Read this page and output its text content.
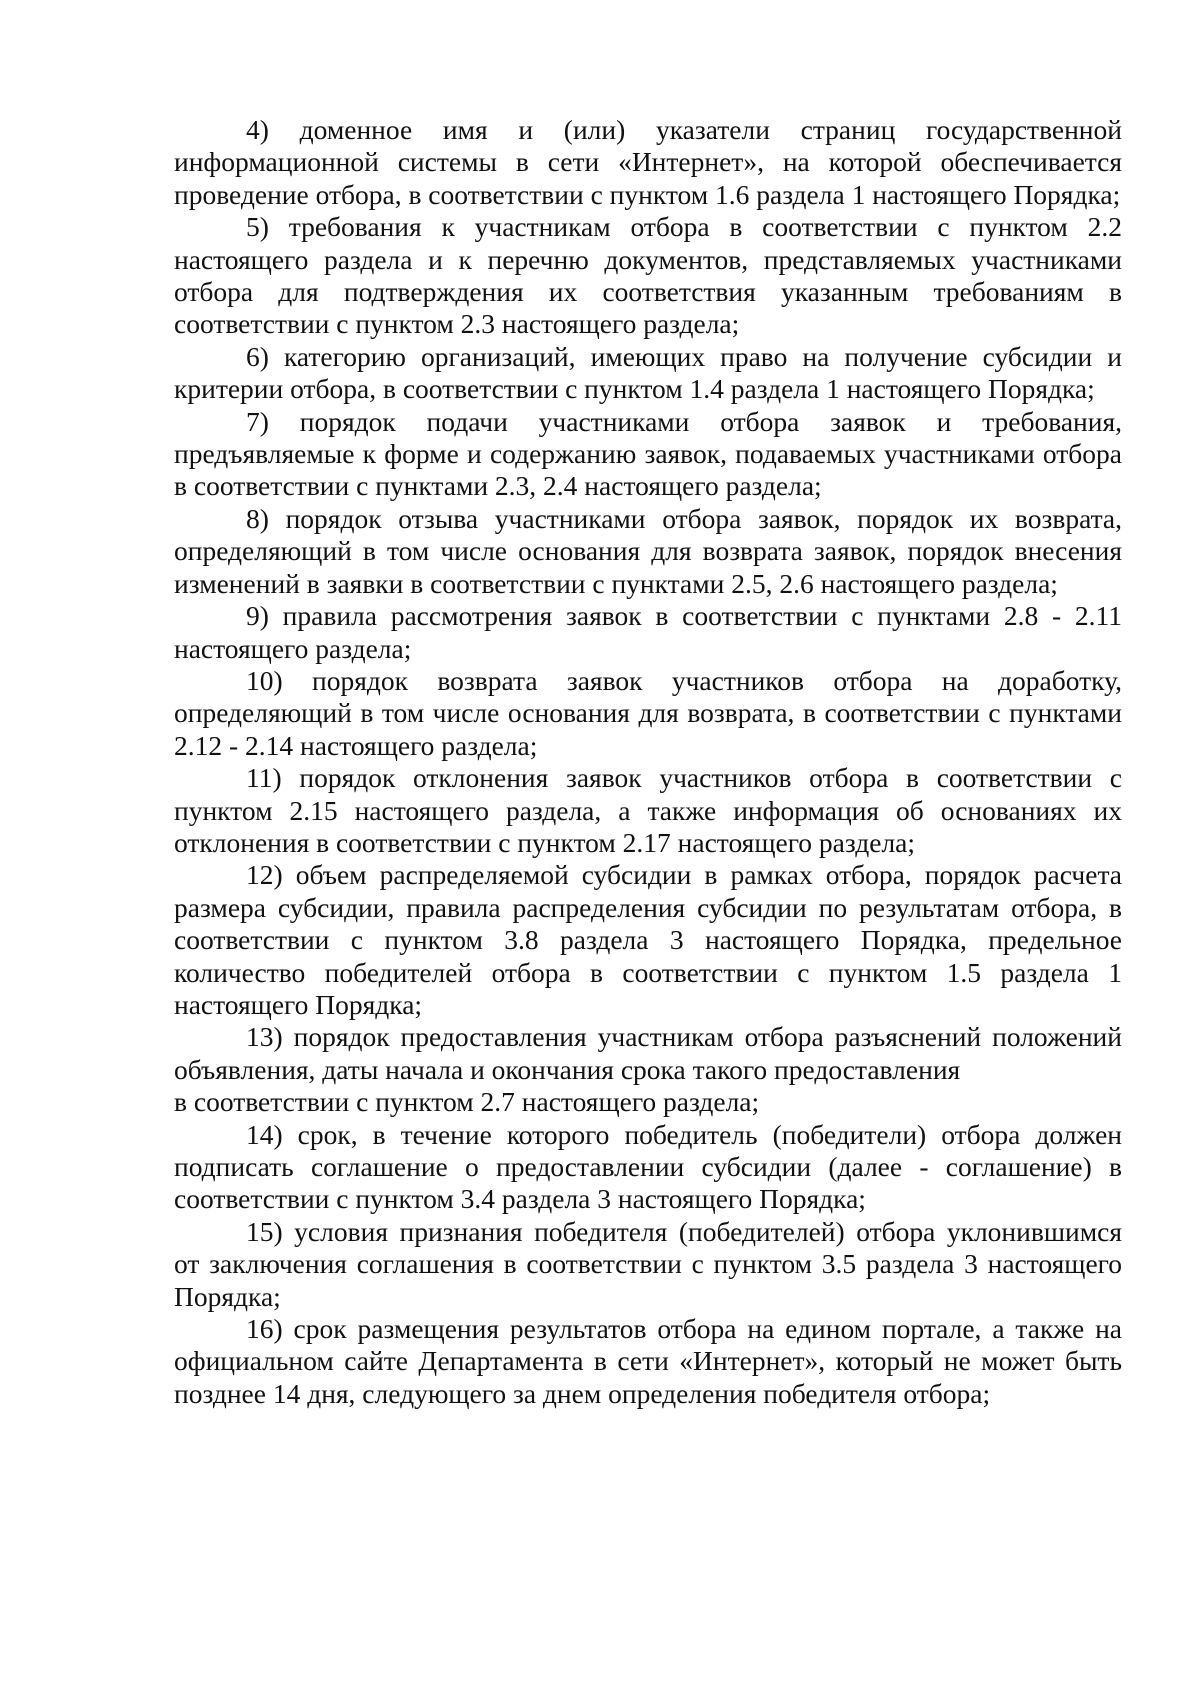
4) доменное имя и (или) указатели страниц государственной информационной системы в сети «Интернет», на которой обеспечивается проведение отбора, в соответствии с пунктом 1.6 раздела 1 настоящего Порядка;

5) требования к участникам отбора в соответствии с пунктом 2.2 настоящего раздела и к перечню документов, представляемых участниками отбора для подтверждения их соответствия указанным требованиям в соответствии с пунктом 2.3 настоящего раздела;

6) категорию организаций, имеющих право на получение субсидии и критерии отбора, в соответствии с пунктом 1.4 раздела 1 настоящего Порядка;

7) порядок подачи участниками отбора заявок и требования, предъявляемые к форме и содержанию заявок, подаваемых участниками отбора в соответствии с пунктами 2.3, 2.4 настоящего раздела;

8) порядок отзыва участниками отбора заявок, порядок их возврата, определяющий в том числе основания для возврата заявок, порядок внесения изменений в заявки в соответствии с пунктами 2.5, 2.6 настоящего раздела;

9) правила рассмотрения заявок в соответствии с пунктами 2.8 - 2.11 настоящего раздела;

10) порядок возврата заявок участников отбора на доработку, определяющий в том числе основания для возврата, в соответствии с пунктами 2.12 - 2.14 настоящего раздела;

11) порядок отклонения заявок участников отбора в соответствии с пунктом 2.15 настоящего раздела, а также информация об основаниях их отклонения в соответствии с пунктом 2.17 настоящего раздела;

12) объем распределяемой субсидии в рамках отбора, порядок расчета размера субсидии, правила распределения субсидии по результатам отбора, в соответствии с пунктом 3.8 раздела 3 настоящего Порядка, предельное количество победителей отбора в соответствии с пунктом 1.5 раздела 1 настоящего Порядка;

13) порядок предоставления участникам отбора разъяснений положений объявления, даты начала и окончания срока такого предоставления

в соответствии с пунктом 2.7 настоящего раздела;

14) срок, в течение которого победитель (победители) отбора должен подписать соглашение о предоставлении субсидии (далее - соглашение) в соответствии с пунктом 3.4 раздела 3 настоящего Порядка;

15) условия признания победителя (победителей) отбора уклонившимся от заключения соглашения в соответствии с пунктом 3.5 раздела 3 настоящего Порядка;

16) срок размещения результатов отбора на едином портале, а также на официальном сайте Департамента в сети «Интернет», который не может быть позднее 14 дня, следующего за днем определения победителя отбора;
